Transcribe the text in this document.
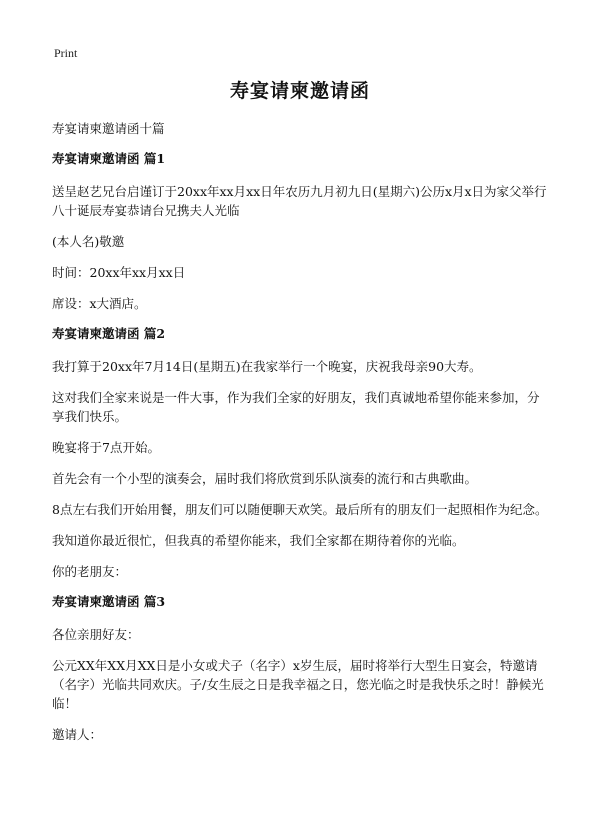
Print
寿宴请柬邀请函

寿宴请柬邀请函十篇

寿宴请柬邀请函 篇1

送呈赵艺兄台启谨订于20xx年xx月xx日年农历九月初九日(星期六)公历x月x日为家父举行八十诞辰寿宴恭请台兄携夫人光临

(本人名)敬邀

时间：20xx年xx月xx日

席设：x大酒店。

寿宴请柬邀请函 篇2

我打算于20xx年7月14日(星期五)在我家举行一个晚宴，庆祝我母亲90大寿。

这对我们全家来说是一件大事，作为我们全家的好朋友，我们真诚地希望你能来参加，分享我们快乐。

晚宴将于7点开始。

首先会有一个小型的演奏会，届时我们将欣赏到乐队演奏的流行和古典歌曲。

8点左右我们开始用餐，朋友们可以随便聊天欢笑。最后所有的朋友们一起照相作为纪念。

我知道你最近很忙，但我真的希望你能来，我们全家都在期待着你的光临。

你的老朋友：

寿宴请柬邀请函 篇3

各位亲朋好友：

公元XX年XX月XX日是小女或犬子（名字）x岁生辰，届时将举行大型生日宴会，特邀请（名字）光临共同欢庆。子/女生辰之日是我幸福之日，您光临之时是我快乐之时！静候光临！

邀请人：
